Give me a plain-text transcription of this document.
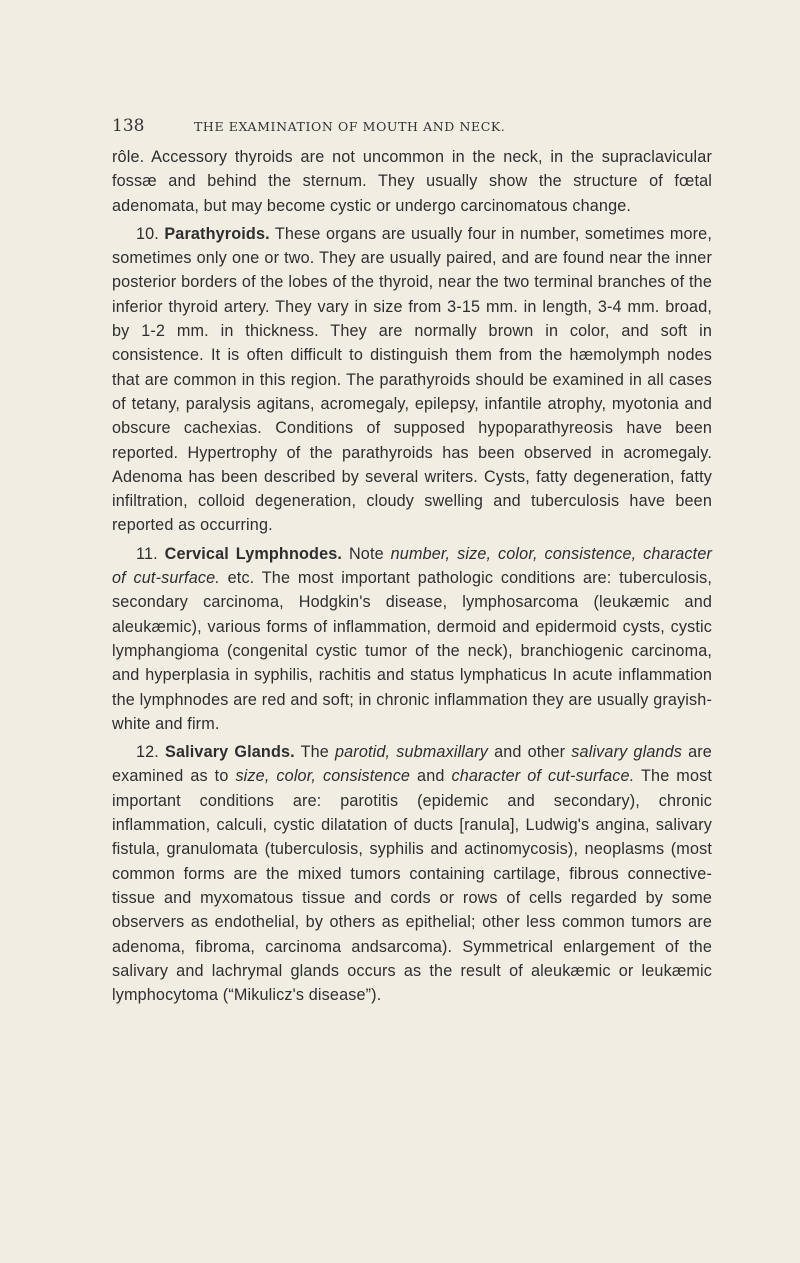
138	THE EXAMINATION OF MOUTH AND NECK.

rôle. Accessory thyroids are not uncommon in the neck, in the supraclavicular fossæ and behind the sternum. They usually show the structure of fœtal adenomata, but may become cystic or undergo carcinomatous change.

10. Parathyroids. These organs are usually four in number, sometimes more, sometimes only one or two. They are usually paired, and are found near the inner posterior borders of the lobes of the thyroid, near the two terminal branches of the inferior thyroid artery. They vary in size from 3-15 mm. in length, 3-4 mm. broad, by 1-2 mm. in thickness. They are normally brown in color, and soft in consistence. It is often difficult to distinguish them from the hæmolymph nodes that are common in this region. The parathyroids should be examined in all cases of tetany, paralysis agitans, acromegaly, epilepsy, infantile atrophy, myotonia and obscure cachexias. Conditions of supposed hypoparathyreosis have been reported. Hypertrophy of the parathyroids has been observed in acromegaly. Adenoma has been described by several writers. Cysts, fatty degeneration, fatty infiltration, colloid degeneration, cloudy swelling and tuberculosis have been reported as occurring.

11. Cervical Lymphnodes. Note number, size, color, consistence, character of cut-surface. etc. The most important pathologic conditions are: tuberculosis, secondary carcinoma, Hodgkin's disease, lymphosarcoma (leukæmic and aleukæmic), various forms of inflammation, dermoid and epidermoid cysts, cystic lymphangioma (congenital cystic tumor of the neck), branchiogenic carcinoma, and hyperplasia in syphilis, rachitis and status lymphaticus In acute inflammation the lymphnodes are red and soft; in chronic inflammation they are usually grayish-white and firm.

12. Salivary Glands. The parotid, submaxillary and other salivary glands are examined as to size, color, consistence and character of cut-surface. The most important conditions are: parotitis (epidemic and secondary), chronic inflammation, calculi, cystic dilatation of ducts [ranula], Ludwig's angina, salivary fistula, granulomata (tuberculosis, syphilis and actinomycosis), neoplasms (most common forms are the mixed tumors containing cartilage, fibrous connective-tissue and myxomatous tissue and cords or rows of cells regarded by some observers as endothelial, by others as epithelial; other less common tumors are adenoma, fibroma, carcinoma andsarcoma). Symmetrical enlargement of the salivary and lachrymal glands occurs as the result of aleukæmic or leukæmic lymphocytoma (“Mikulicz's disease”).
